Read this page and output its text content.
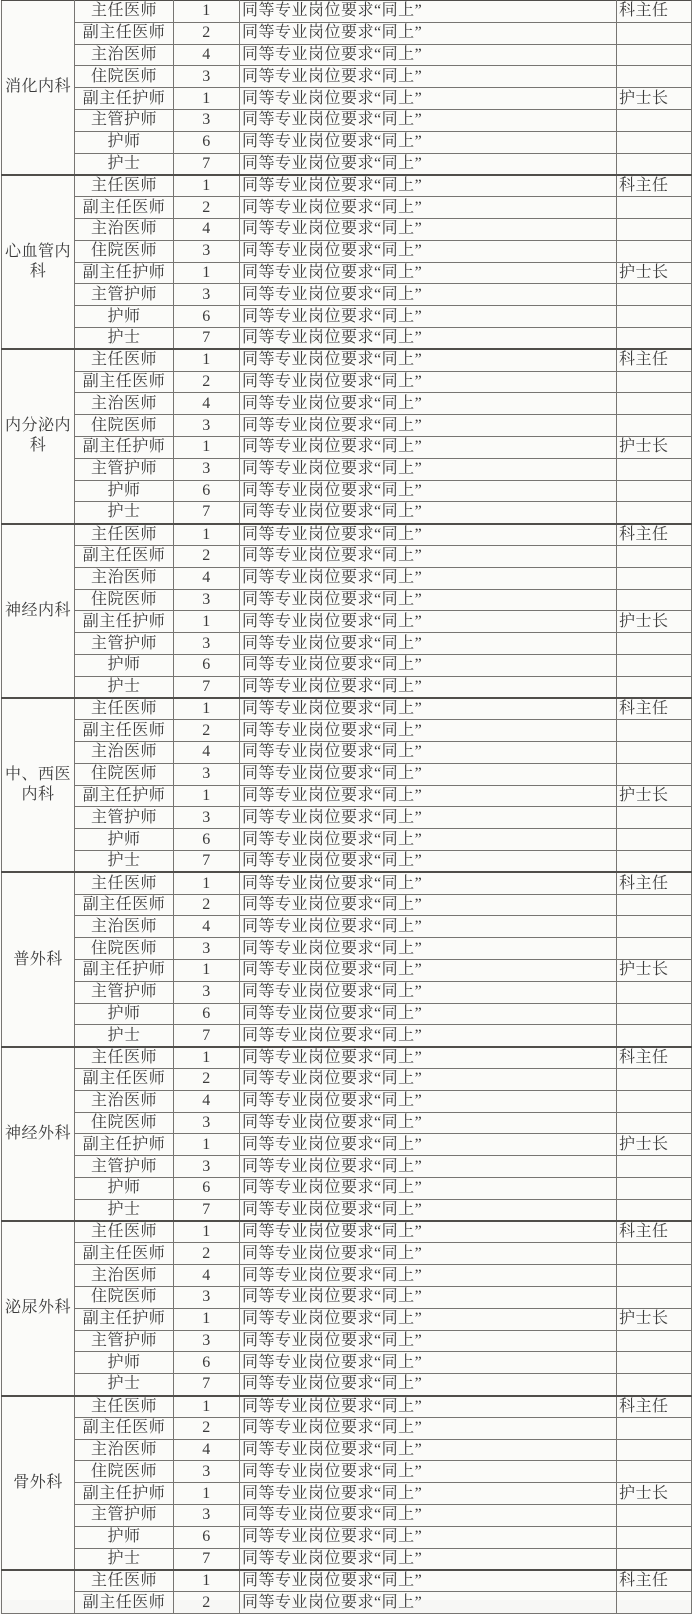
消化内科	主任医师	1	同等专业岗位要求“同上”	科主任
	副主任医师	2	同等专业岗位要求“同上”	
	主治医师	4	同等专业岗位要求“同上”	
	住院医师	3	同等专业岗位要求“同上”	
	副主任护师	1	同等专业岗位要求“同上”	护士长
	主管护师	3	同等专业岗位要求“同上”	
	护师	6	同等专业岗位要求“同上”	
	护士	7	同等专业岗位要求“同上”	
心血管内科	主任医师	1	同等专业岗位要求“同上”	科主任
	副主任医师	2	同等专业岗位要求“同上”	
	主治医师	4	同等专业岗位要求“同上”	
	住院医师	3	同等专业岗位要求“同上”	
	副主任护师	1	同等专业岗位要求“同上”	护士长
	主管护师	3	同等专业岗位要求“同上”	
	护师	6	同等专业岗位要求“同上”	
	护士	7	同等专业岗位要求“同上”	
内分泌内科	主任医师	1	同等专业岗位要求“同上”	科主任
	副主任医师	2	同等专业岗位要求“同上”	
	主治医师	4	同等专业岗位要求“同上”	
	住院医师	3	同等专业岗位要求“同上”	
	副主任护师	1	同等专业岗位要求“同上”	护士长
	主管护师	3	同等专业岗位要求“同上”	
	护师	6	同等专业岗位要求“同上”	
	护士	7	同等专业岗位要求“同上”	
神经内科	主任医师	1	同等专业岗位要求“同上”	科主任
	副主任医师	2	同等专业岗位要求“同上”	
	主治医师	4	同等专业岗位要求“同上”	
	住院医师	3	同等专业岗位要求“同上”	
	副主任护师	1	同等专业岗位要求“同上”	护士长
	主管护师	3	同等专业岗位要求“同上”	
	护师	6	同等专业岗位要求“同上”	
	护士	7	同等专业岗位要求“同上”	
中、西医内科	主任医师	1	同等专业岗位要求“同上”	科主任
	副主任医师	2	同等专业岗位要求“同上”	
	主治医师	4	同等专业岗位要求“同上”	
	住院医师	3	同等专业岗位要求“同上”	
	副主任护师	1	同等专业岗位要求“同上”	护士长
	主管护师	3	同等专业岗位要求“同上”	
	护师	6	同等专业岗位要求“同上”	
	护士	7	同等专业岗位要求“同上”	
普外科	主任医师	1	同等专业岗位要求“同上”	科主任
	副主任医师	2	同等专业岗位要求“同上”	
	主治医师	4	同等专业岗位要求“同上”	
	住院医师	3	同等专业岗位要求“同上”	
	副主任护师	1	同等专业岗位要求“同上”	护士长
	主管护师	3	同等专业岗位要求“同上”	
	护师	6	同等专业岗位要求“同上”	
	护士	7	同等专业岗位要求“同上”	
神经外科	主任医师	1	同等专业岗位要求“同上”	科主任
	副主任医师	2	同等专业岗位要求“同上”	
	主治医师	4	同等专业岗位要求“同上”	
	住院医师	3	同等专业岗位要求“同上”	
	副主任护师	1	同等专业岗位要求“同上”	护士长
	主管护师	3	同等专业岗位要求“同上”	
	护师	6	同等专业岗位要求“同上”	
	护士	7	同等专业岗位要求“同上”	
泌尿外科	主任医师	1	同等专业岗位要求“同上”	科主任
	副主任医师	2	同等专业岗位要求“同上”	
	主治医师	4	同等专业岗位要求“同上”	
	住院医师	3	同等专业岗位要求“同上”	
	副主任护师	1	同等专业岗位要求“同上”	护士长
	主管护师	3	同等专业岗位要求“同上”	
	护师	6	同等专业岗位要求“同上”	
	护士	7	同等专业岗位要求“同上”	
骨外科	主任医师	1	同等专业岗位要求“同上”	科主任
	副主任医师	2	同等专业岗位要求“同上”	
	主治医师	4	同等专业岗位要求“同上”	
	住院医师	3	同等专业岗位要求“同上”	
	副主任护师	1	同等专业岗位要求“同上”	护士长
	主管护师	3	同等专业岗位要求“同上”	
	护师	6	同等专业岗位要求“同上”	
	护士	7	同等专业岗位要求“同上”	
	主任医师	1	同等专业岗位要求“同上”	科主任
	副主任医师	2	同等专业岗位要求“同上”	
